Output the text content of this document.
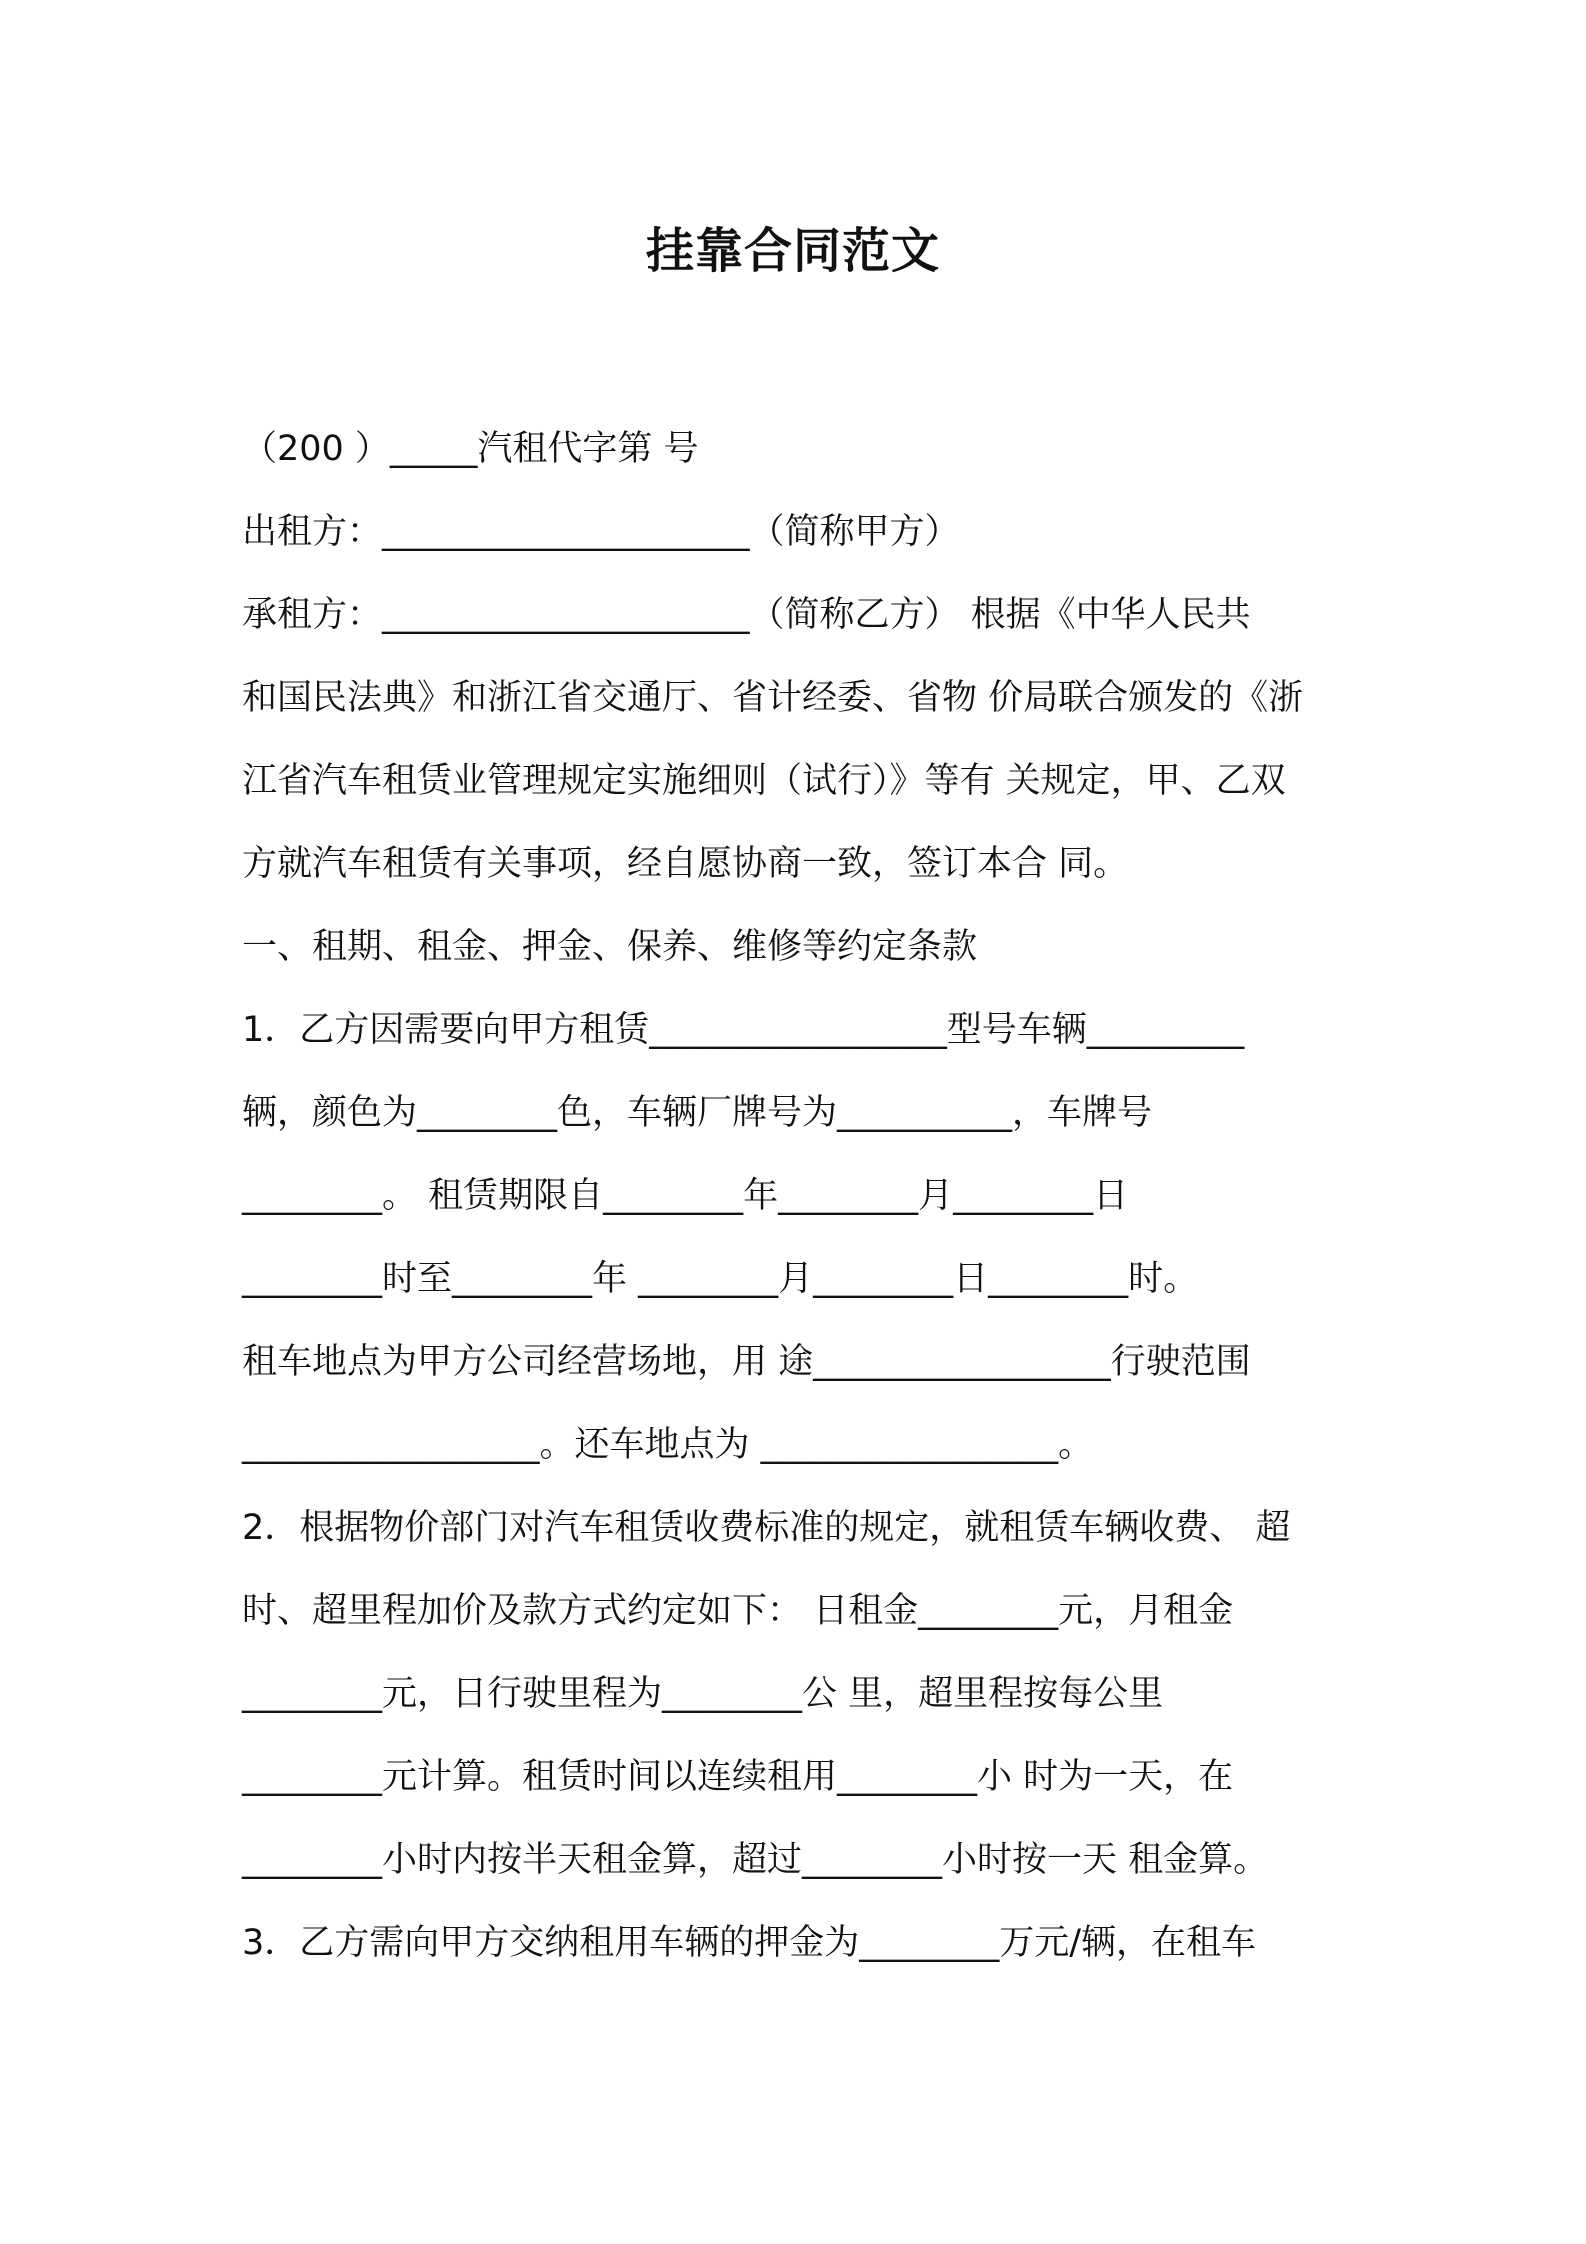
挂靠合同范文
（200 ）_____汽租代字第 号
出租方：_____________________（简称甲方）
承租方：_____________________（简称乙方） 根据《中华人民共
和国民法典》和浙江省交通厅、省计经委、省物 价局联合颁发的《浙
江省汽车租赁业管理规定实施细则（试行）》等有 关规定，甲、乙双
方就汽车租赁有关事项，经自愿协商一致，签订本合 同。
一、租期、租金、押金、保养、维修等约定条款
1．乙方因需要向甲方租赁_________________型号车辆_________
辆，颜色为________色，车辆厂牌号为__________，车牌号
________。 租赁期限自________年________月________日
________时至________年 ________月________日________时。
租车地点为甲方公司经营场地，用 途_________________行驶范围
_________________。还车地点为 _________________。
2．根据物价部门对汽车租赁收费标准的规定，就租赁车辆收费、 超
时、超里程加价及款方式约定如下： 日租金________元，月租金
________元，日行驶里程为________公 里，超里程按每公里
________元计算。租赁时间以连续租用________小 时为一天，在
________小时内按半天租金算，超过________小时按一天 租金算。
3．乙方需向甲方交纳租用车辆的押金为________万元/辆，在租车
